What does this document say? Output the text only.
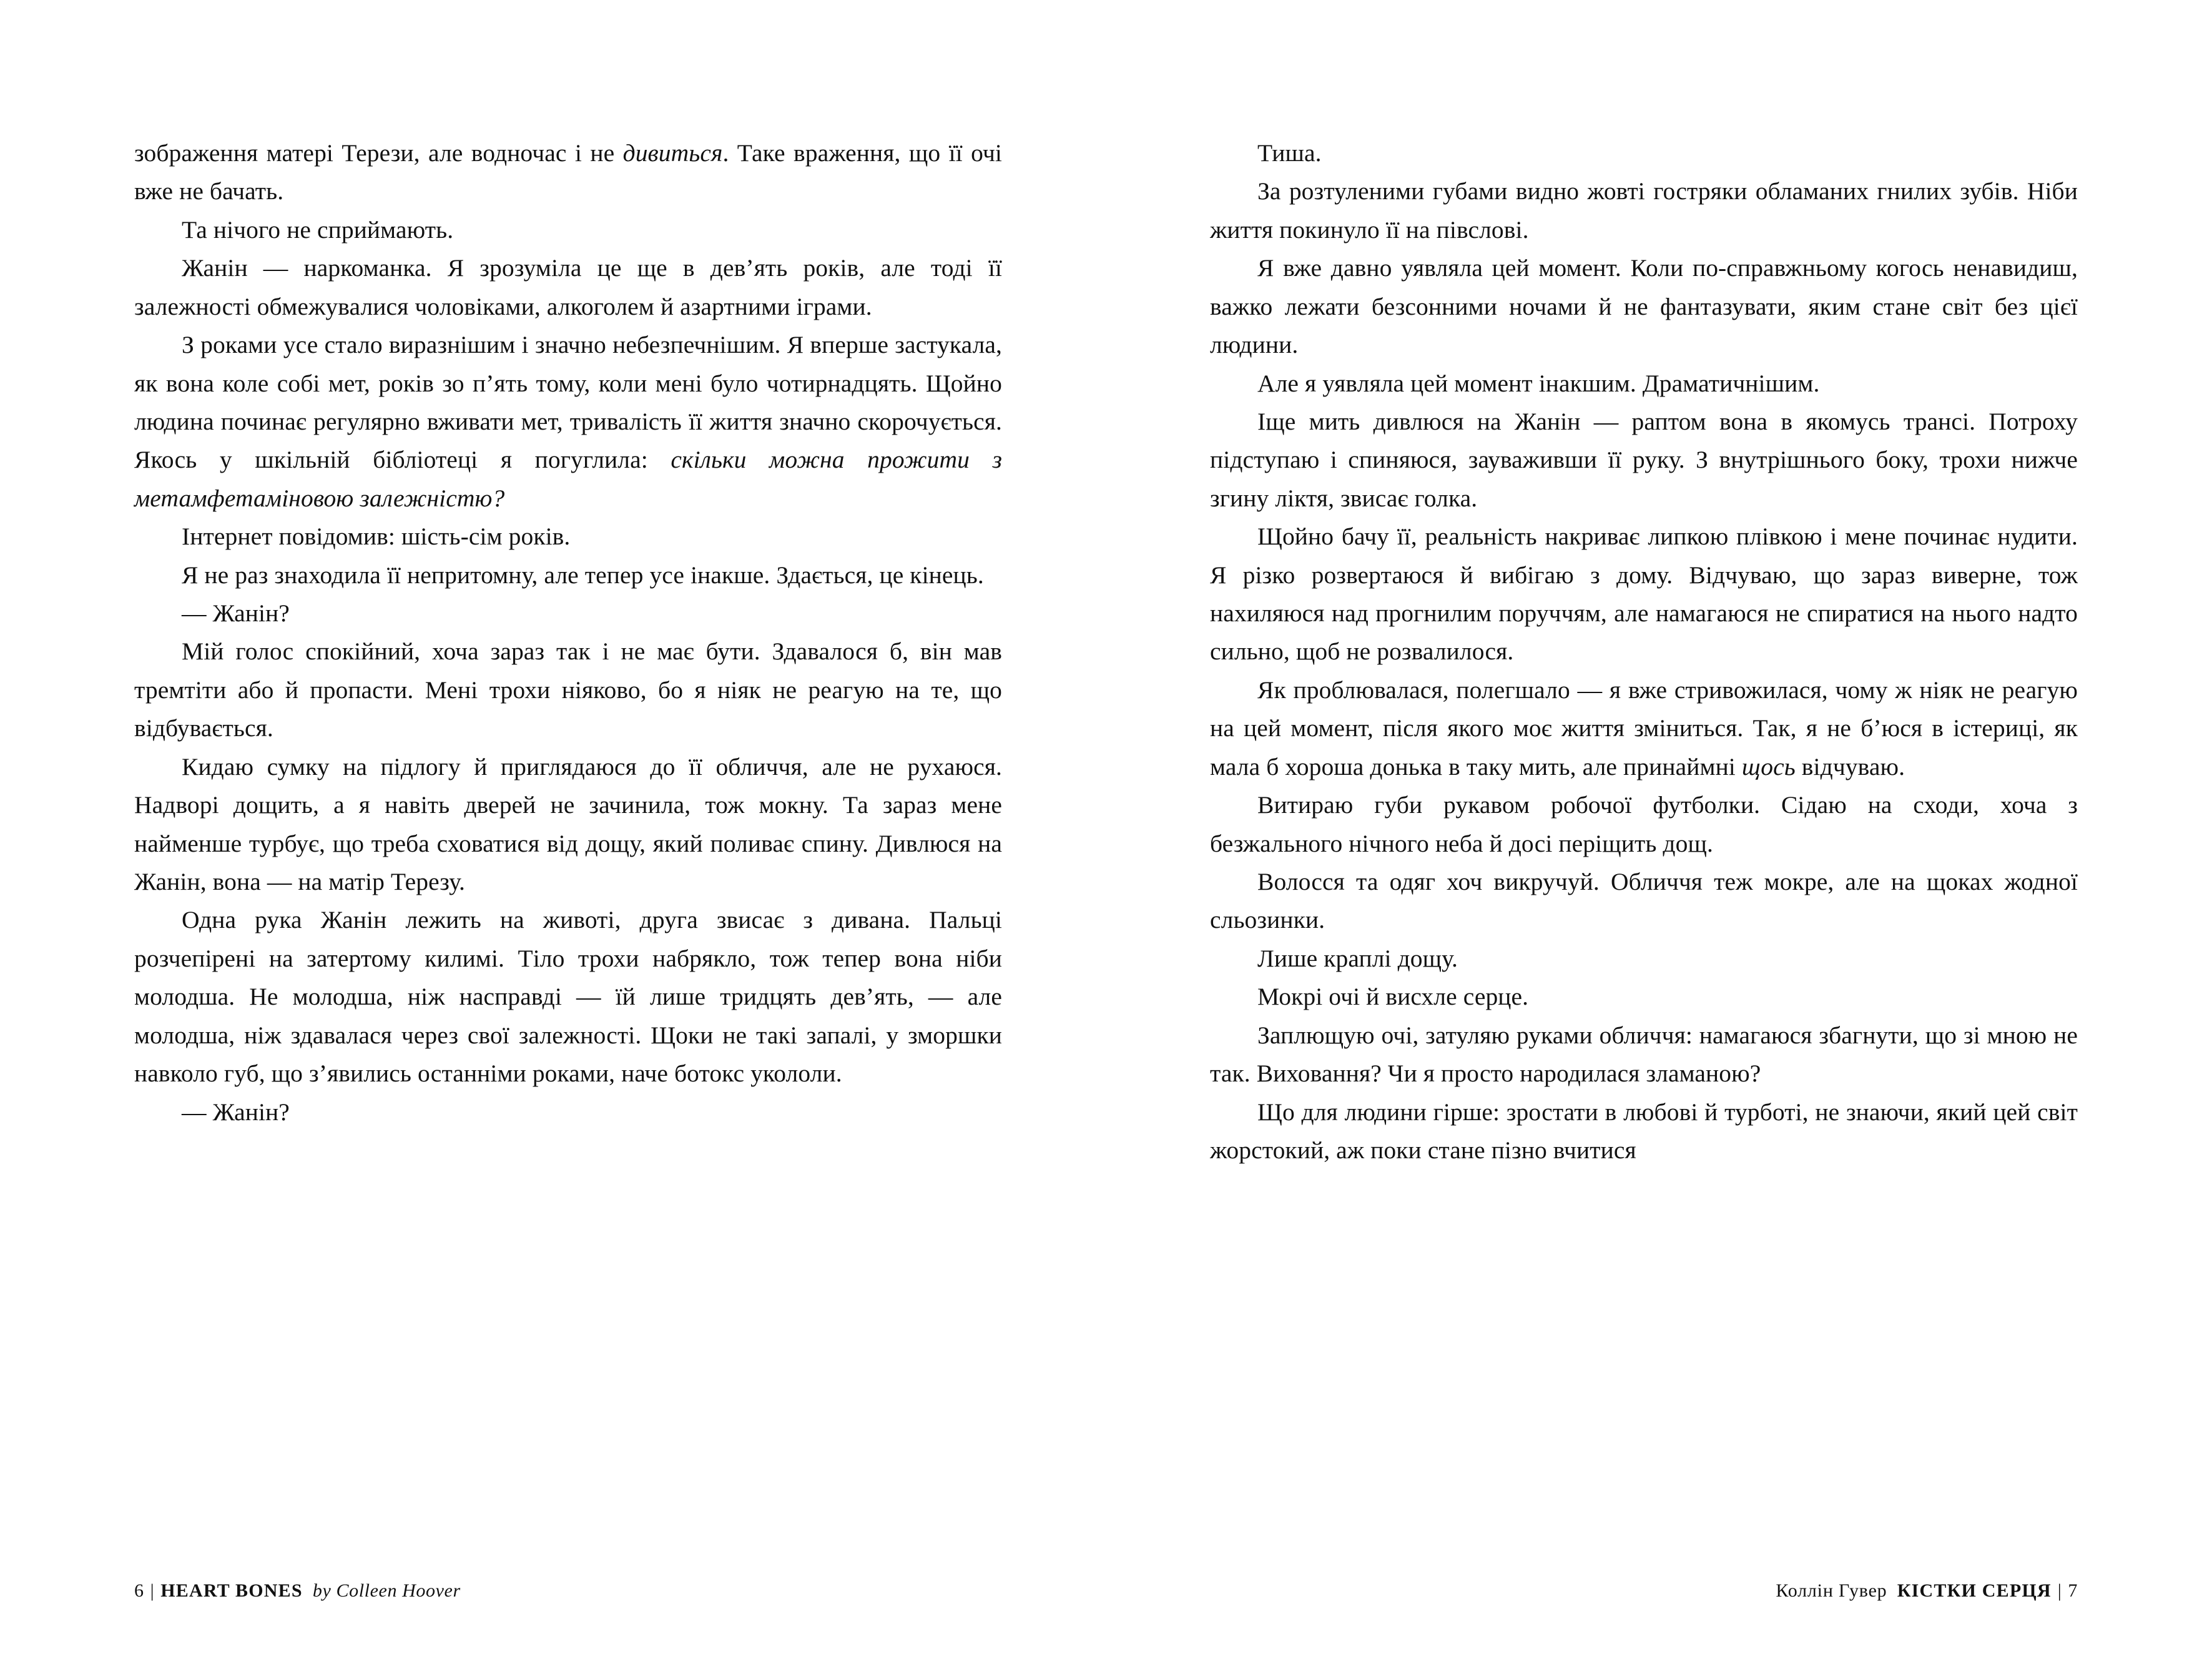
зображення матері Терези, але водночас і не дивиться. Таке враження, що її очі вже не бачать.

Та нічого не сприймають.

Жанін — наркоманка. Я зрозуміла це ще в дев’ять років, але тоді її залежності обмежувалися чоловіками, алкоголем й азартними іграми.

З роками усе стало виразнішим і значно небезпечнішим. Я вперше застукала, як вона коле собі мет, років зо п’ять тому, коли мені було чотирнадцять. Щойно людина починає регулярно вживати мет, тривалість її життя значно скорочується. Якось у шкільній бібліотеці я погуглила: скільки можна прожити з метамфетаміновою залежністю?

Інтернет повідомив: шість-сім років.

Я не раз знаходила її непритомну, але тепер усе інакше. Здається, це кінець.

— Жанін?

Мій голос спокійний, хоча зараз так і не має бути. Здавалося б, він мав тремтіти або й пропасти. Мені трохи ніяково, бо я ніяк не реагую на те, що відбувається.

Кидаю сумку на підлогу й приглядаюся до її обличчя, але не рухаюся. Надворі дощить, а я навіть дверей не зачинила, тож мокну. Та зараз мене найменше турбує, що треба сховатися від дощу, який поливає спину. Дивлюся на Жанін, вона — на матір Терезу.

Одна рука Жанін лежить на животі, друга звисає з дивана. Пальці розчепірені на затертому килимі. Тіло трохи набрякло, тож тепер вона ніби молодша. Не молодша, ніж насправді — їй лише тридцять дев’ять, — але молодша, ніж здавалася через свої залежності. Щоки не такі запалі, у зморшки навколо губ, що з’явились останніми роками, наче ботокс укололи.

— Жанін?

Тиша.

За розтуленими губами видно жовті гостряки обламаних гнилих зубів. Ніби життя покинуло її на півслові.

Я вже давно уявляла цей момент. Коли по-справжньому когось ненавидиш, важко лежати безсонними ночами й не фантазувати, яким стане світ без цієї людини.

Але я уявляла цей момент інакшим. Драматичнішим.

Іще мить дивлюся на Жанін — раптом вона в якомусь трансі. Потроху підступаю і спиняюся, зауваживши її руку. З внутрішнього боку, трохи нижче згину ліктя, звисає голка.

Щойно бачу її, реальність накриває липкою плівкою і мене починає нудити. Я різко розвертаюся й вибігаю з дому. Відчуваю, що зараз виверне, тож нахиляюся над прогнилим поруччям, але намагаюся не спиратися на нього надто сильно, щоб не розвалилося.

Як проблювалася, полегшало — я вже стривожилася, чому ж ніяк не реагую на цей момент, після якого моє життя зміниться. Так, я не б’юся в істериці, як мала б хороша донька в таку мить, але принаймні щось відчуваю.

Витираю губи рукавом робочої футболки. Сідаю на сходи, хоча з безжального нічного неба й досі періщить дощ.

Волосся та одяг хоч викручуй. Обличчя теж мокре, але на щоках жодної сльозинки.

Лише краплі дощу.

Мокрі очі й висхле серце.

Заплющую очі, затуляю руками обличчя: намагаюся збагнути, що зі мною не так. Виховання? Чи я просто народилася зламаною?

Що для людини гірше: зростати в любові й турботі, не знаючи, який цей світ жорстокий, аж поки стане пізно вчитися

6 | HEART BONES by Colleen Hoover	Коллін Гувер КІСТКИ СЕРЦЯ | 7
